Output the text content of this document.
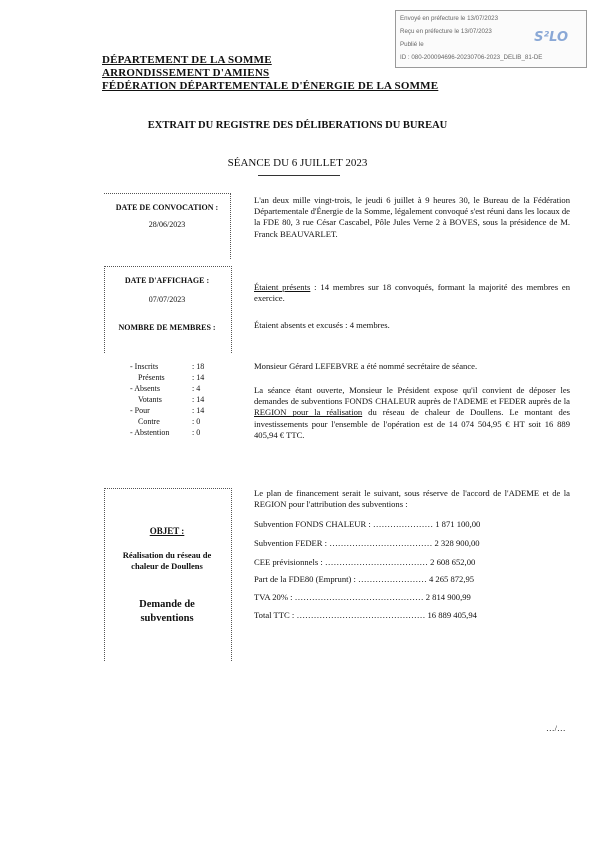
Envoyé en préfecture le 13/07/2023
Reçu en préfecture le 13/07/2023
Publié le
ID : 080-200094696-20230706-2023_DELIB_81-DE
S²LO
DÉPARTEMENT DE LA SOMME
ARRONDISSEMENT D'AMIENS
FÉDÉRATION DÉPARTEMENTALE D'ÉNERGIE DE LA SOMME
EXTRAIT DU REGISTRE DES DÉLIBERATIONS DU BUREAU
SÉANCE DU 6 JUILLET 2023
DATE DE CONVOCATION :
28/06/2023
DATE D'AFFICHAGE :
07/07/2023
NOMBRE DE MEMBRES :
- Inscrits	: 18
Présents	: 14
- Absents	: 4
Votants	: 14
- Pour	: 14
Contre	: 0
- Abstention	: 0
OBJET :
Réalisation du réseau de chaleur de Doullens
Demande de subventions
L'an deux mille vingt-trois, le jeudi 6 juillet à 9 heures 30, le Bureau de la Fédération Départementale d'Énergie de la Somme, légalement convoqué s'est réuni dans les locaux de la FDE 80, 3 rue César Cascabel, Pôle Jules Verne 2 à BOVES, sous la présidence de M. Franck BEAUVARLET.
Étaient présents : 14 membres sur 18 convoqués, formant la majorité des membres en exercice.
Étaient absents et excusés : 4 membres.
Monsieur Gérard LEFEBVRE a été nommé secrétaire de séance.
La séance étant ouverte, Monsieur le Président expose qu'il convient de déposer les demandes de subventions FONDS CHALEUR auprès de l'ADEME et FEDER auprès de la REGION pour la réalisation du réseau de chaleur de Doullens. Le montant des investissements pour l'ensemble de l'opération est de 14 074 504,95 € HT soit 16 889 405,94 € TTC.
Le plan de financement serait le suivant, sous réserve de l'accord de l'ADEME et de la REGION pour l'attribution des subventions :
Subvention FONDS CHALEUR : ………………… 1 871 100,00
Subvention FEDER : ……………………………… 2 328 900,00
CEE prévisionnels : ……………………………… 2 608 652,00
Part de la FDE80 (Emprunt) : …………………… 4 265 872,95
TVA 20% : ……………………………………… 2 814 900,99
Total TTC : ……………………………………… 16 889 405,94
…/…
